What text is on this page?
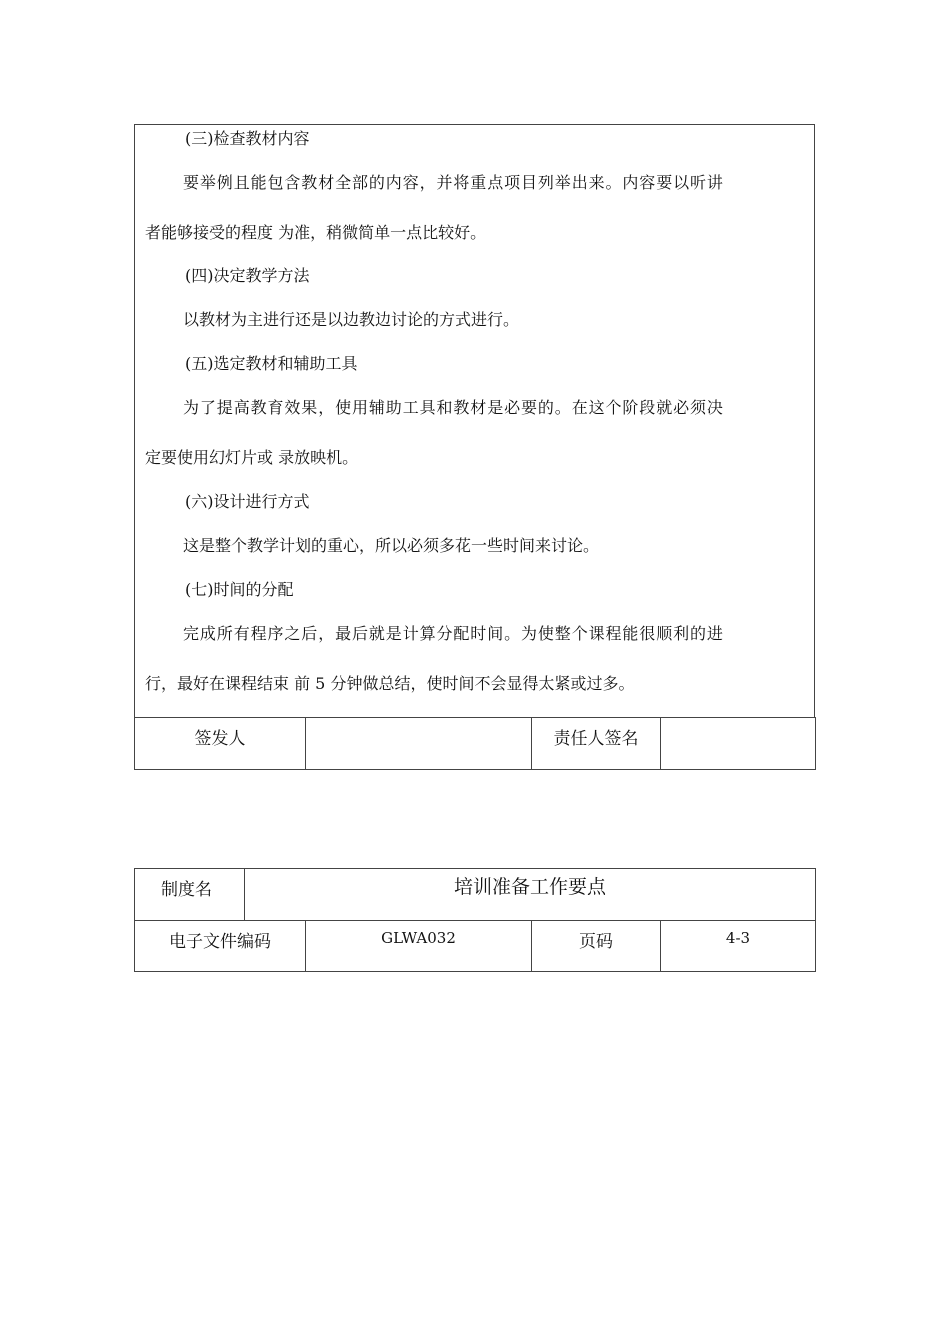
(三)检查教材内容
要举例且能包含教材全部的内容，并将重点项目列举出来。内容要以听讲
者能够接受的程度 为准，稍微简单一点比较好。
(四)决定教学方法
以教材为主进行还是以边教边讨论的方式进行。
(五)选定教材和辅助工具
为了提高教育效果，使用辅助工具和教材是必要的。在这个阶段就必须决
定要使用幻灯片或 录放映机。
(六)设计进行方式
这是整个教学计划的重心，所以必须多花一些时间来讨论。
(七)时间的分配
完成所有程序之后，最后就是计算分配时间。为使整个课程能很顺利的进
行，最好在课程结束 前 5 分钟做总结，使时间不会显得太紧或过多。
签发人		责任人签名

制度名	培训准备工作要点			

电子文件编码		GLWA032	页码	4-3
